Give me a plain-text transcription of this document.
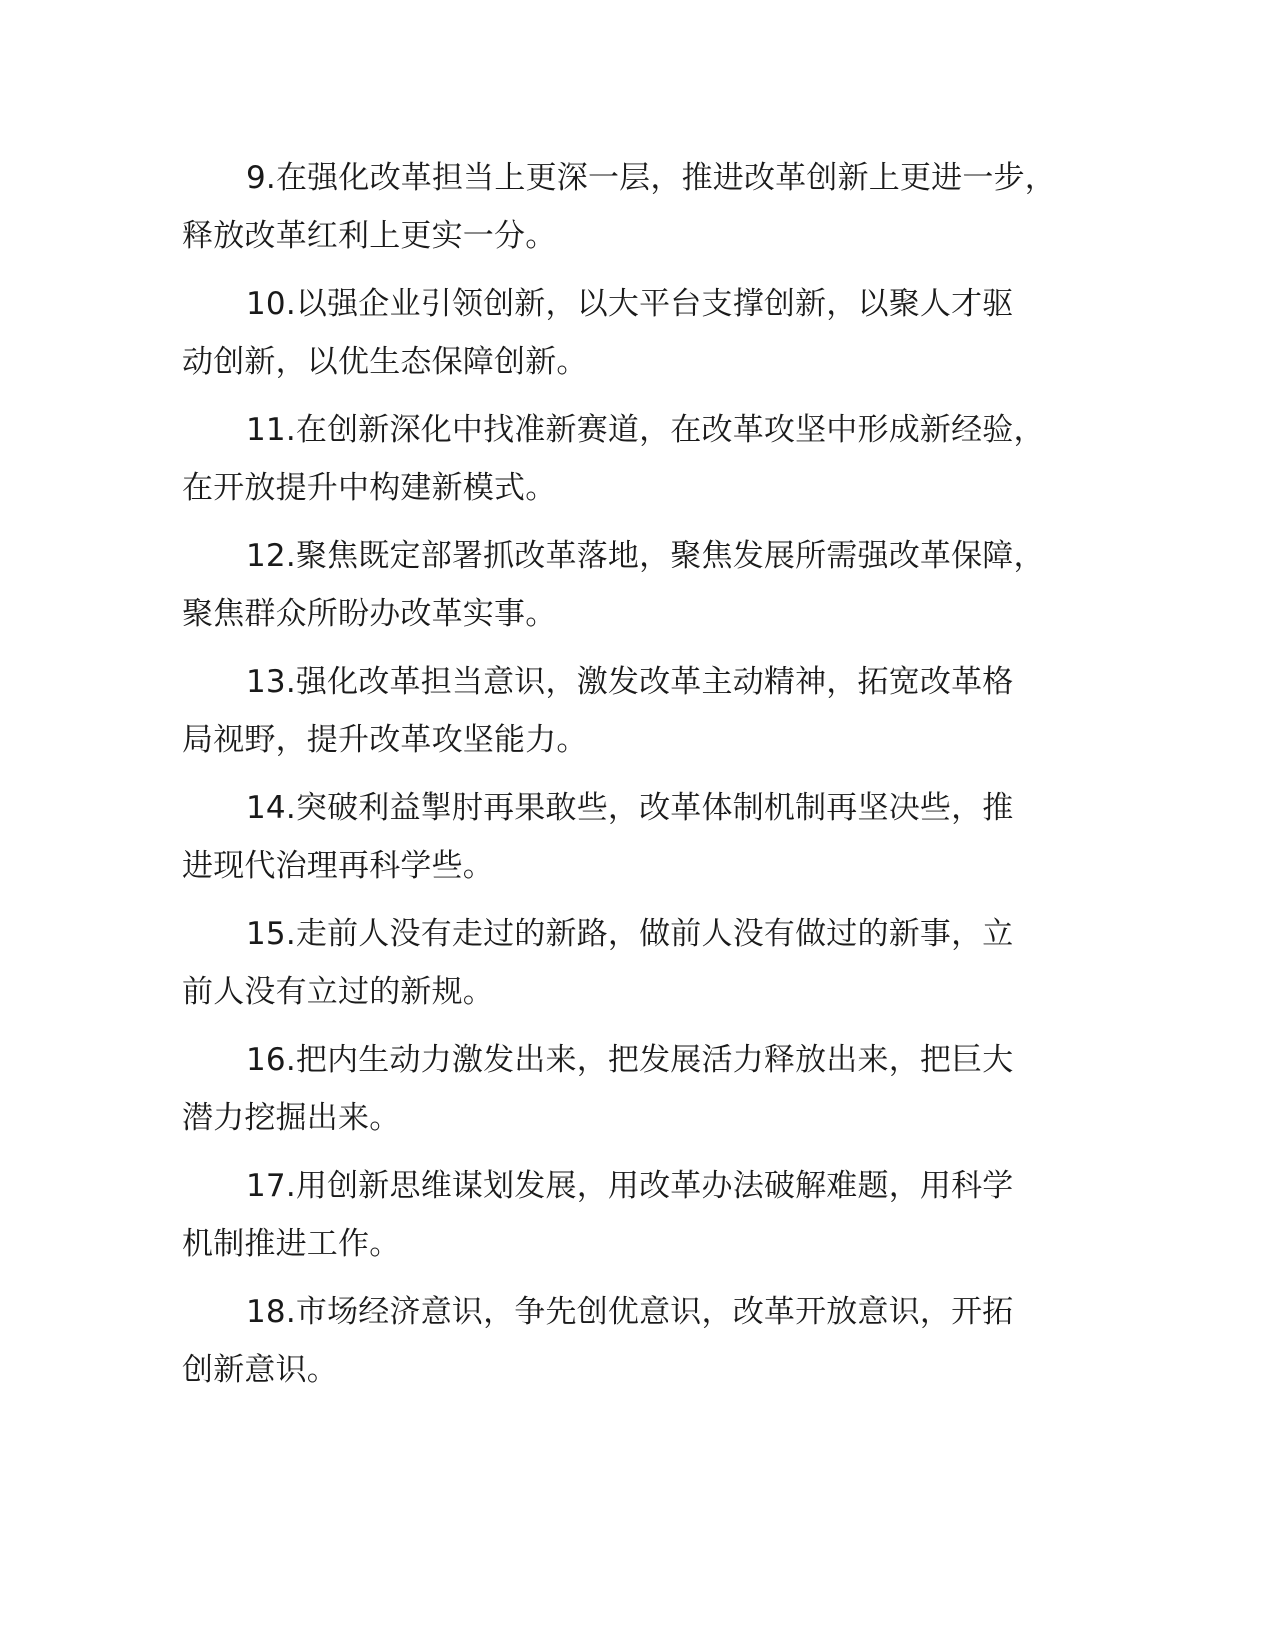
9.在强化改革担当上更深一层，推进改革创新上更进一步，
释放改革红利上更实一分。
10.以强企业引领创新，以大平台支撑创新，以聚人才驱
动创新，以优生态保障创新。
11.在创新深化中找准新赛道，在改革攻坚中形成新经验，
在开放提升中构建新模式。
12.聚焦既定部署抓改革落地，聚焦发展所需强改革保障，
聚焦群众所盼办改革实事。
13.强化改革担当意识，激发改革主动精神，拓宽改革格
局视野，提升改革攻坚能力。
14.突破利益掣肘再果敢些，改革体制机制再坚决些，推
进现代治理再科学些。
15.走前人没有走过的新路，做前人没有做过的新事，立
前人没有立过的新规。
16.把内生动力激发出来，把发展活力释放出来，把巨大
潜力挖掘出来。
17.用创新思维谋划发展，用改革办法破解难题，用科学
机制推进工作。
18.市场经济意识，争先创优意识，改革开放意识，开拓
创新意识。
